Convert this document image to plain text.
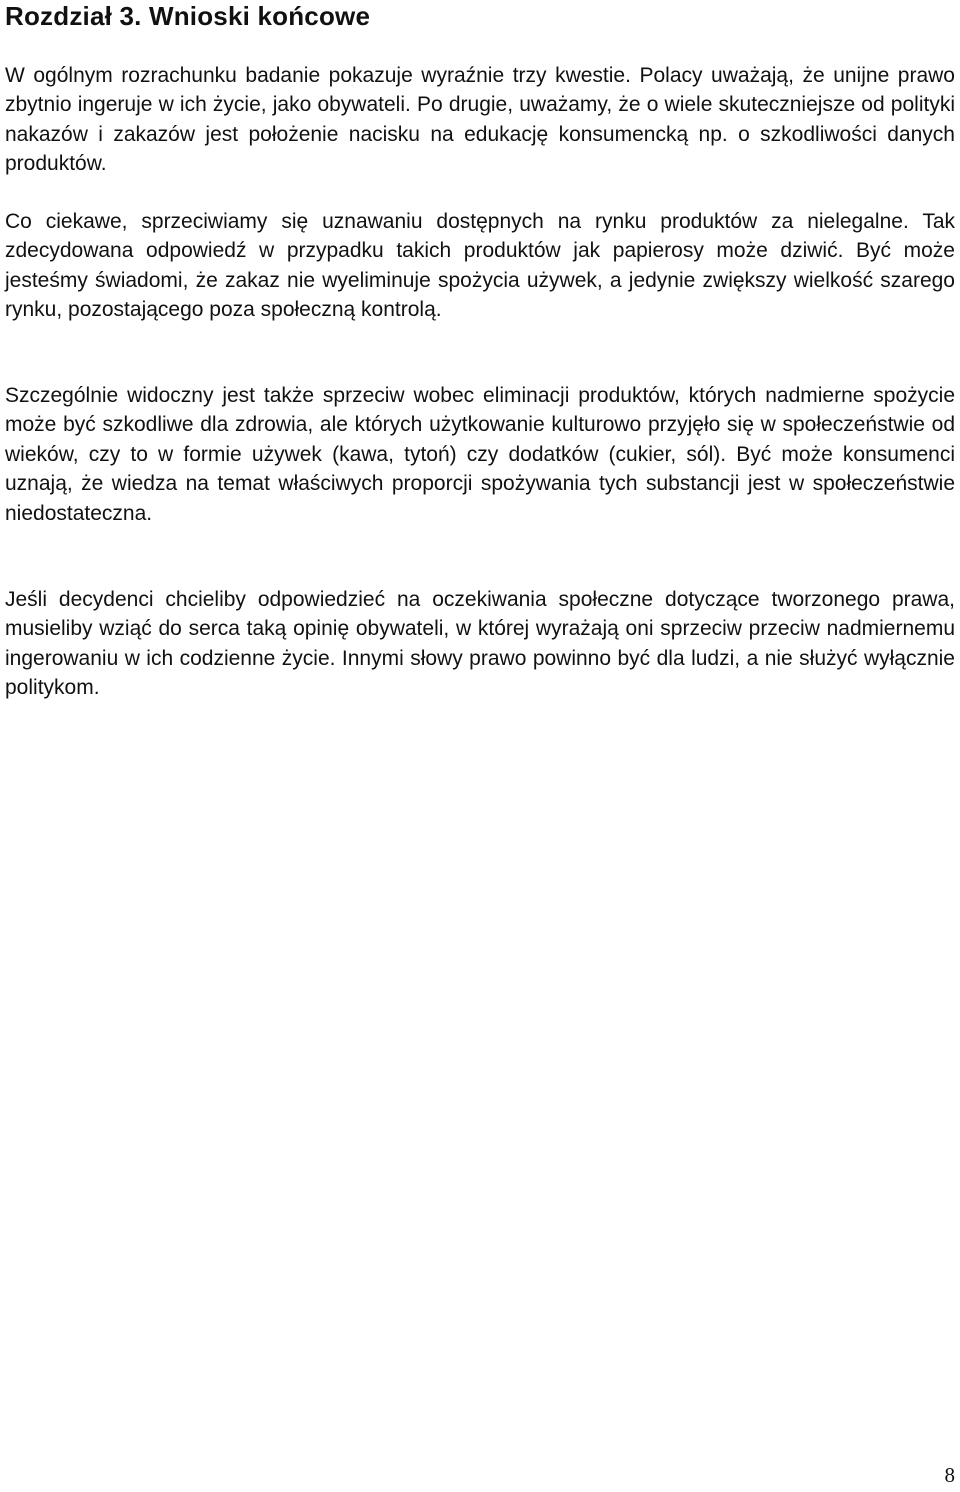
Rozdział 3. Wnioski końcowe

W ogólnym rozrachunku badanie pokazuje wyraźnie trzy kwestie. Polacy uważają, że unijne prawo zbytnio ingeruje w ich życie, jako obywateli. Po drugie, uważamy, że o wiele skuteczniejsze od polityki nakazów i zakazów jest położenie nacisku na edukację konsumencką np. o szkodliwości danych produktów.

Co ciekawe, sprzeciwiamy się uznawaniu dostępnych na rynku produktów za nielegalne. Tak zdecydowana odpowiedź w przypadku takich produktów jak papierosy może dziwić. Być może jesteśmy świadomi, że zakaz nie wyeliminuje spożycia używek, a jedynie zwiększy wielkość szarego rynku, pozostającego poza społeczną kontrolą.

Szczególnie widoczny jest także sprzeciw wobec eliminacji produktów, których nadmierne spożycie może być szkodliwe dla zdrowia, ale których użytkowanie kulturowo przyjęło się w społeczeństwie od wieków, czy to w formie używek (kawa, tytoń) czy dodatków (cukier, sól). Być może konsumenci uznają, że wiedza na temat właściwych proporcji spożywania tych substancji jest w społeczeństwie niedostateczna.

Jeśli decydenci chcieliby odpowiedzieć na oczekiwania społeczne dotyczące tworzonego prawa, musieliby wziąć do serca taką opinię obywateli, w której wyrażają oni sprzeciw przeciw nadmiernemu ingerowaniu w ich codzienne życie. Innymi słowy prawo powinno być dla ludzi, a nie służyć wyłącznie politykom.

8
